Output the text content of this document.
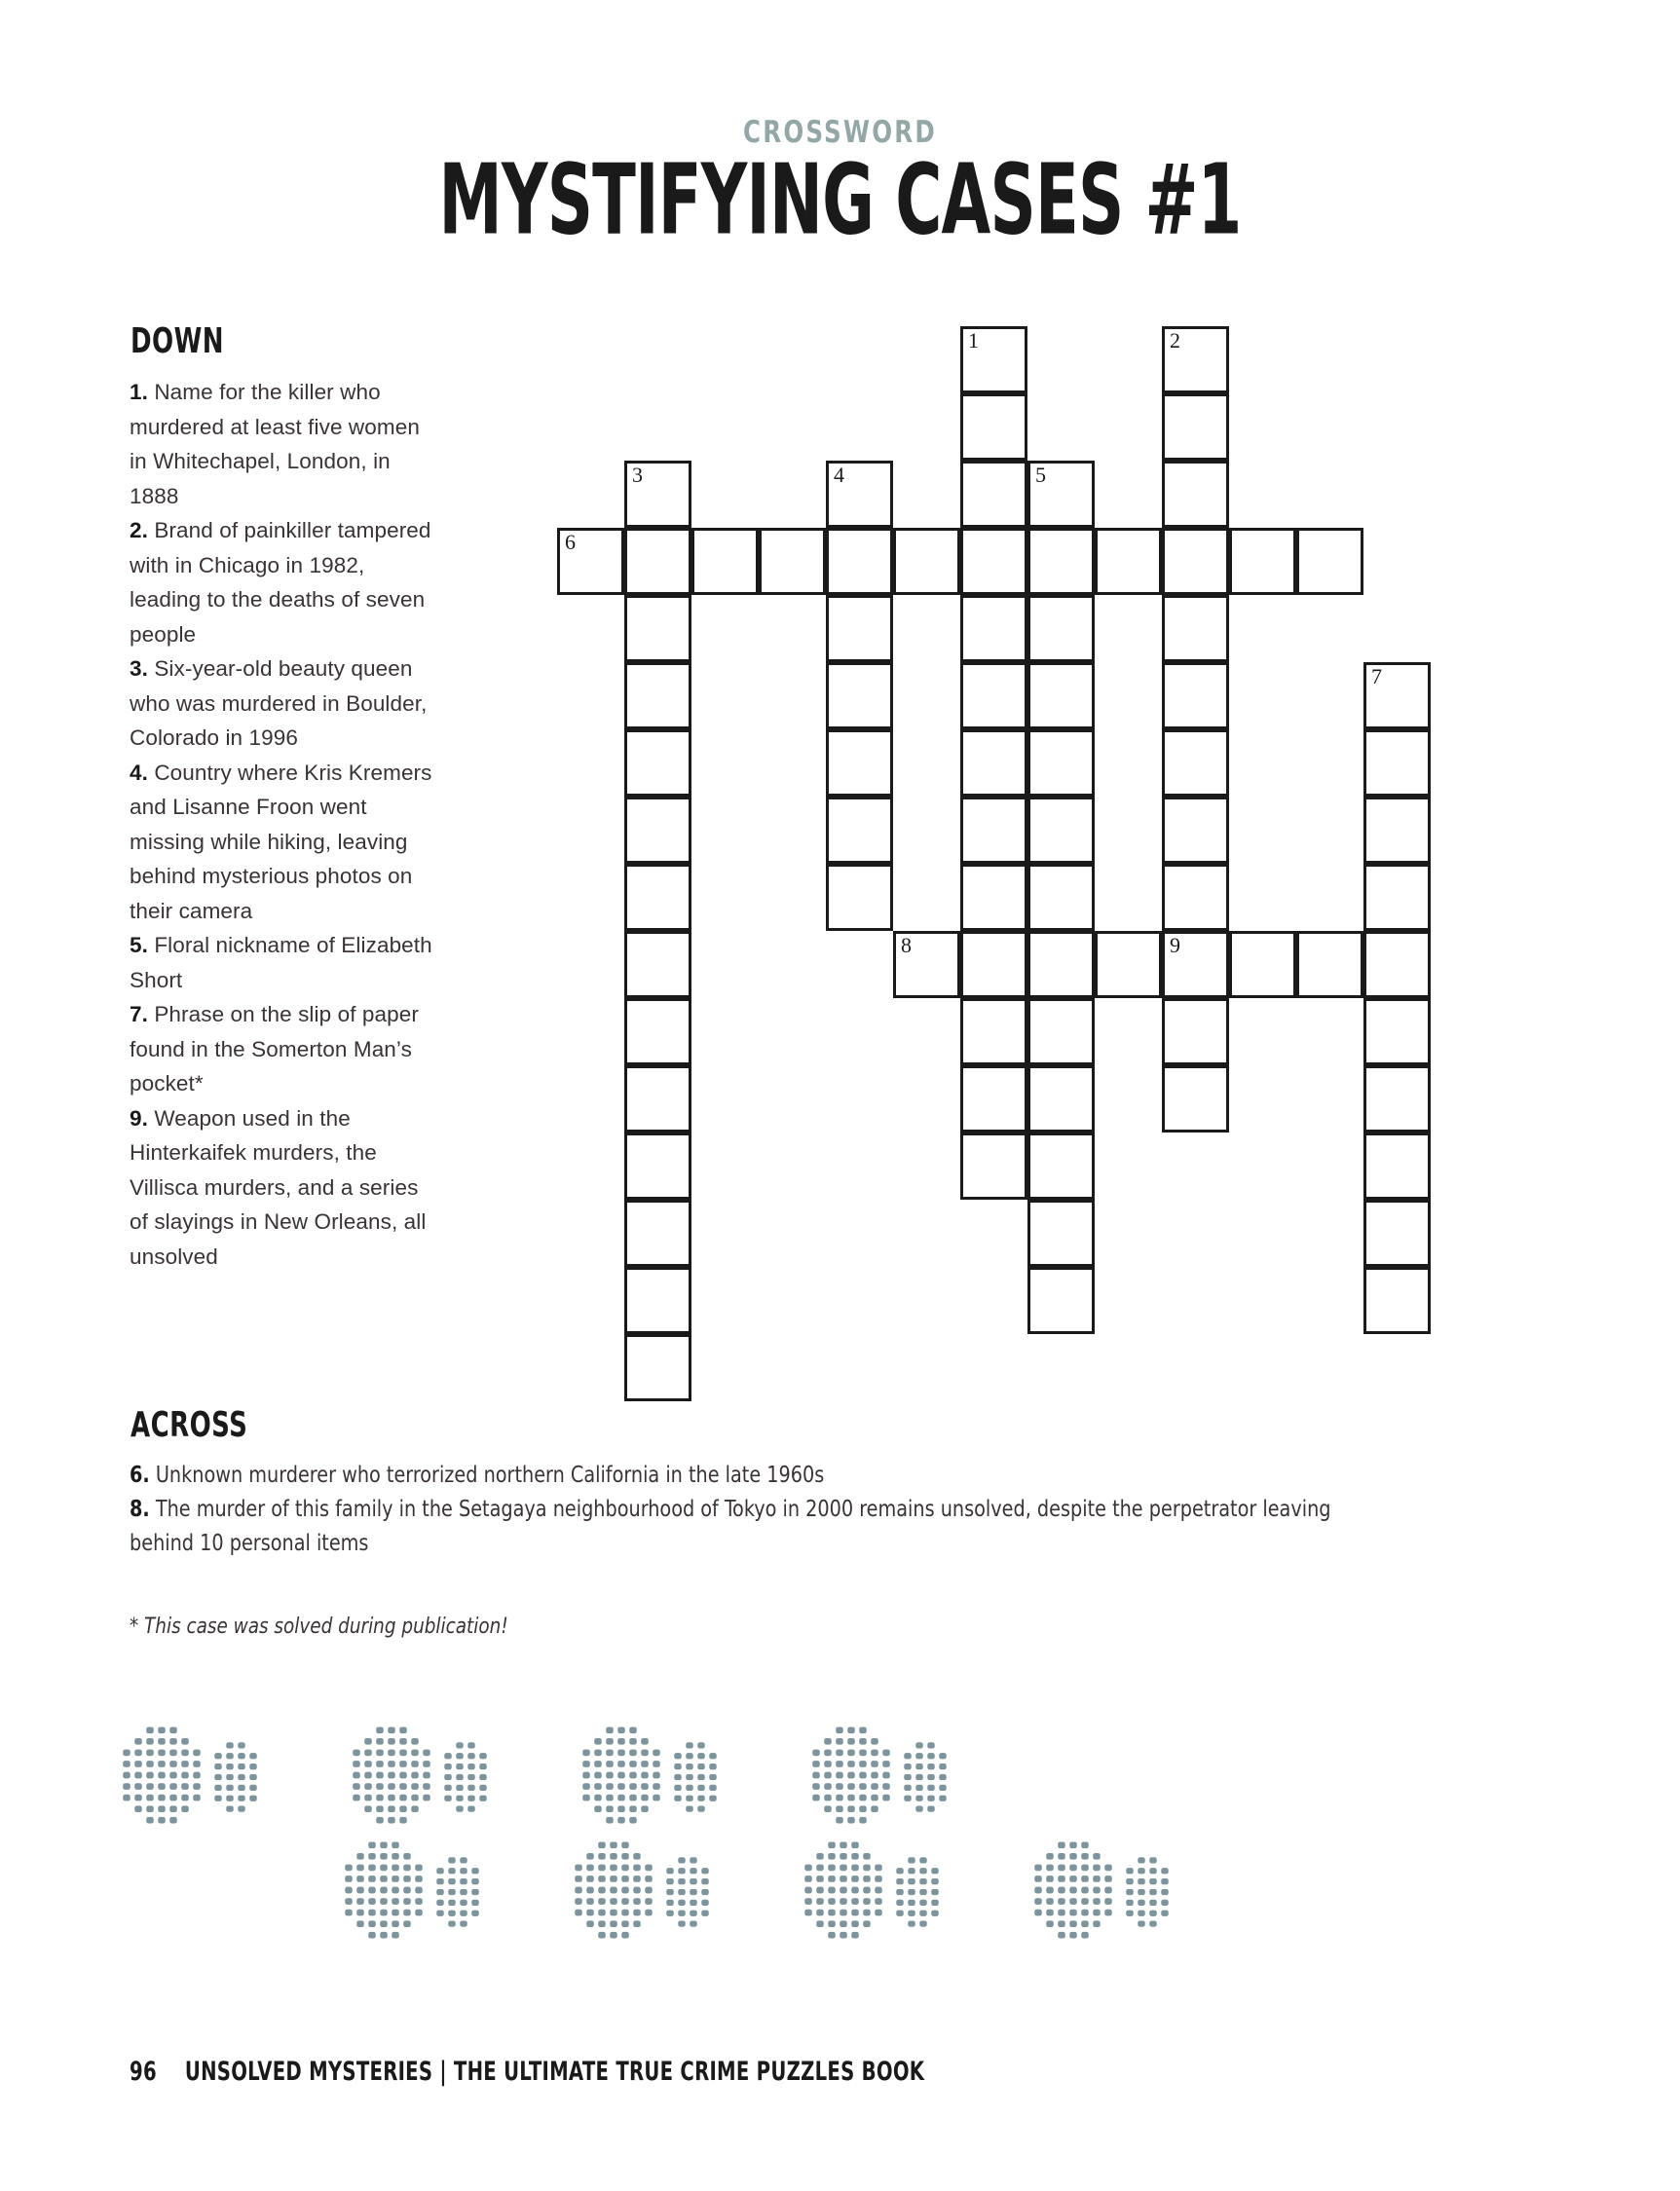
CROSSWORD
MYSTIFYING CASES #1
DOWN
1. Name for the killer who murdered at least five women in Whitechapel, London, in 1888
2. Brand of painkiller tampered with in Chicago in 1982, leading to the deaths of seven people
3. Six-year-old beauty queen who was murdered in Boulder, Colorado in 1996
4. Country where Kris Kremers and Lisanne Froon went missing while hiking, leaving behind mysterious photos on their camera
5. Floral nickname of Elizabeth Short
7. Phrase on the slip of paper found in the Somerton Man’s pocket*
9. Weapon used in the Hinterkaifek murders, the Villisca murders, and a series of slayings in New Orleans, all unsolved
6
3
7
4
8
1
5
2
9
ACROSS
6. Unknown murderer who terrorized northern California in the late 1960s
8. The murder of this family in the Setagaya neighbourhood of Tokyo in 2000 remains unsolved, despite the perpetrator leaving behind 10 personal items
* This case was solved during publication!
96 UNSOLVED MYSTERIES | THE ULTIMATE TRUE CRIME PUZZLES BOOK
